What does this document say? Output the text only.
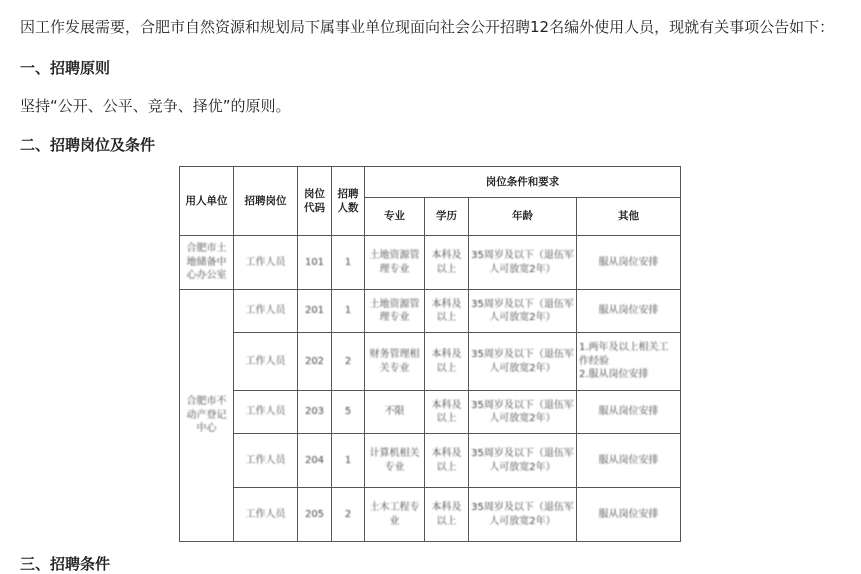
因工作发展需要，合肥市自然资源和规划局下属事业单位现面向社会公开招聘12名编外使用人员，现就有关事项公告如下：
一、招聘原则
坚持“公开、公平、竞争、择优”的原则。
二、招聘岗位及条件
用人单位	招聘岗位	岗位代码	招聘人数	岗位条件和要求			
				专业	学历	年龄	其他
合肥市土地储备中心办公室	工作人员	101	1	土地资源管理专业	本科及以上	35周岁及以下（退伍军人可放宽2年）	服从岗位安排
合肥市不动产登记中心	工作人员	201	1	土地资源管理专业	本科及以上	35周岁及以下（退伍军人可放宽2年）	服从岗位安排
	工作人员	202	2	财务管理相关专业	本科及以上	35周岁及以下（退伍军人可放宽2年）	1.两年及以上相关工作经验
2.服从岗位安排

	工作人员	203	5	不限	本科及以上	35周岁及以下（退伍军人可放宽2年）	服从岗位安排
	工作人员	204	1	计算机相关专业	本科及以上	35周岁及以下（退伍军人可放宽2年）	服从岗位安排
	工作人员	205	2	土木工程专业	本科及以上	35周岁及以下（退伍军人可放宽2年）	服从岗位安排
三、招聘条件
